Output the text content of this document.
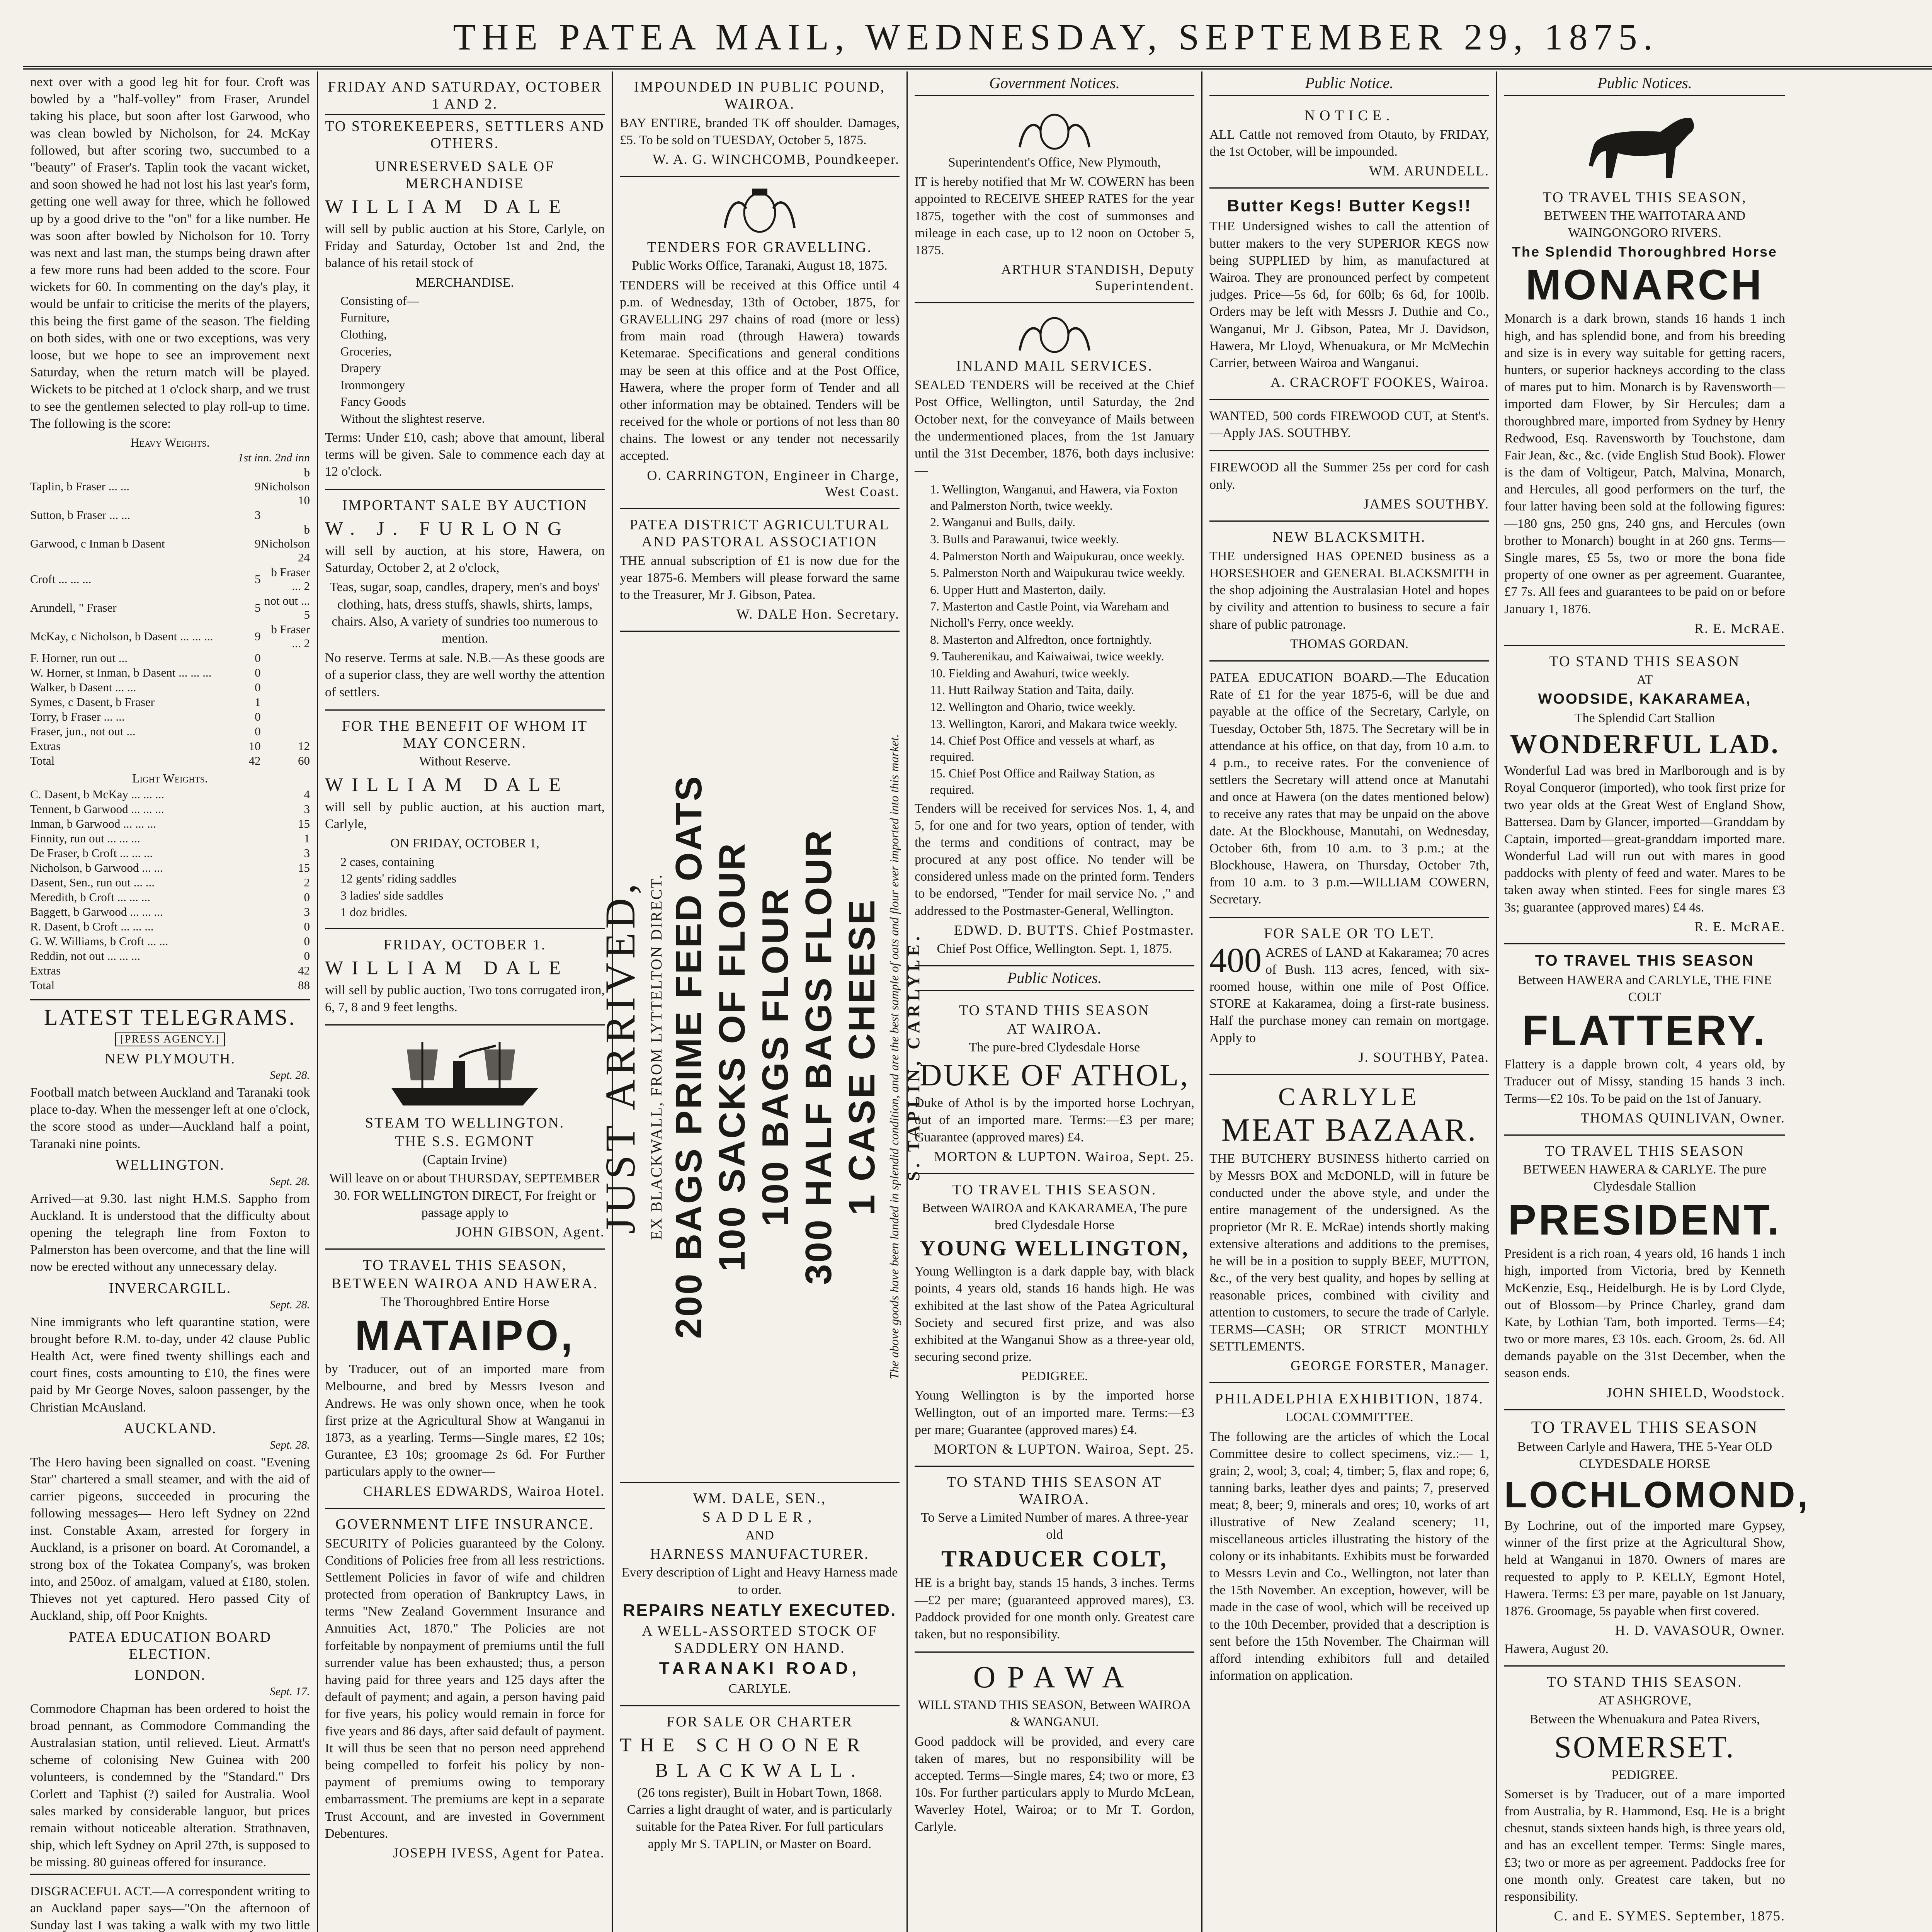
THE PATEA MAIL, WEDNESDAY, SEPTEMBER 29, 1875.

next over with a good leg hit for four. Croft was bowled by a "half-volley" from Fraser, Arundel taking his place, but soon after lost Garwood, who was clean bowled by Nicholson, for 24. McKay followed, but after scoring two, succumbed to a "beauty" of Fraser's. Taplin took the vacant wicket, and soon showed he had not lost his last year's form, getting one well away for three, which he followed up by a good drive to the "on" for a like number. He was soon after bowled by Nicholson for 10. Torry was next and last man, the stumps being drawn after a few more runs had been added to the score. Four wickets for 60. In commenting on the day's play, it would be unfair to criticise the merits of the players, this being the first game of the season. The fielding on both sides, with one or two exceptions, was very loose, but we hope to see an improvement next Saturday, when the return match will be played. Wickets to be pitched at 1 o'clock sharp, and we trust to see the gentlemen selected to play roll-up to time. The following is the score:

Heavy Weights.
1st inn. 2nd inn
Taplin, b Fraser ... ...	9	b Nicholson 10
Sutton, b Fraser ... ...	3	
Garwood, c Inman b Dasent	9	b Nicholson 24
Croft ... ... ...	5	b Fraser ... 2
Arundell, " Fraser	5	not out ... 5
McKay, c Nicholson, b Dasent ... ... ...	9	b Fraser ... 2
F. Horner, run out ...	0	
W. Horner, st Inman, b Dasent ... ... ...	0	
Walker, b Dasent ... ...	0	
Symes, c Dasent, b Fraser	1	
Torry, b Fraser ... ...	0	
Fraser, jun., not out ...	0	
Extras	10	12
Total	42	60
Light Weights.
C. Dasent, b McKay ... ... ...	4
Tennent, b Garwood ... ... ...	3
Inman, b Garwood ... ... ...	15
Finnity, run out ... ... ...	1
De Fraser, b Croft ... ... ...	3
Nicholson, b Garwood ... ...	15
Dasent, Sen., run out ... ...	2
Meredith, b Croft ... ... ...	0
Baggett, b Garwood ... ... ...	3
R. Dasent, b Croft ... ... ...	0
G. W. Williams, b Croft ... ...	0
Reddin, not out ... ... ...	0
Extras	42
Total	88
LATEST TELEGRAMS.
[PRESS AGENCY.]
NEW PLYMOUTH.
Sept. 28.

Football match between Auckland and Taranaki took place to-day. When the messenger left at one o'clock, the score stood as under—Auckland half a point, Taranaki nine points.

WELLINGTON.
Sept. 28.

Arrived—at 9.30. last night H.M.S. Sappho from Auckland. It is understood that the difficulty about opening the telegraph line from Foxton to Palmerston has been overcome, and that the line will now be erected without any unnecessary delay.

INVERCARGILL.
Sept. 28.

Nine immigrants who left quarantine station, were brought before R.M. to-day, under 42 clause Public Health Act, were fined twenty shillings each and court fines, costs amounting to £10, the fines were paid by Mr George Noves, saloon passenger, by the Christian McAusland.

AUCKLAND.
Sept. 28.

The Hero having been signalled on coast. "Evening Star" chartered a small steamer, and with the aid of carrier pigeons, succeeded in procuring the following messages— Hero left Sydney on 22nd inst. Constable Axam, arrested for forgery in Auckland, is a prisoner on board. At Coromandel, a strong box of the Tokatea Company's, was broken into, and 250oz. of amalgam, valued at £180, stolen. Thieves not yet captured. Hero passed City of Auckland, ship, off Poor Knights.

PATEA EDUCATION BOARD ELECTION.
LONDON.
Sept. 17.

Commodore Chapman has been ordered to hoist the broad pennant, as Commodore Commanding the Australasian station, until relieved. Lieut. Armatt's scheme of colonising New Guinea with 200 volunteers, is condemned by the "Standard." Drs Corlett and Taphist (?) sailed for Australia. Wool sales marked by considerable languor, but prices remain without noticeable alteration. Strathnaven, ship, which left Sydney on April 27th, is supposed to be missing. 80 guineas offered for insurance.

DISGRACEFUL ACT.—A correspondent writing to an Auckland paper says—"On the afternoon of Sunday last I was taking a walk with my two little

FRIDAY AND SATURDAY, OCTOBER 1 AND 2.
TO STOREKEEPERS, SETTLERS AND OTHERS.
UNRESERVED SALE OF MERCHANDISE
WILLIAM DALE

will sell by public auction at his Store, Carlyle, on Friday and Saturday, October 1st and 2nd, the balance of his retail stock of

MERCHANDISE.
Consisting of—
Furniture,
Clothing,
Groceries,
Drapery
Ironmongery
Fancy Goods
Without the slightest reserve.

Terms: Under £10, cash; above that amount, liberal terms will be given. Sale to commence each day at 12 o'clock.

IMPORTANT SALE BY AUCTION
W. J. FURLONG

will sell by auction, at his store, Hawera, on Saturday, October 2, at 2 o'clock,

Teas, sugar, soap, candles, drapery, men's and boys' clothing, hats, dress stuffs, shawls, shirts, lamps, chairs. Also, A variety of sundries too numerous to mention.

No reserve. Terms at sale. N.B.—As these goods are of a superior class, they are well worthy the attention of settlers.

FOR THE BENEFIT OF WHOM IT MAY CONCERN.
Without Reserve.
WILLIAM DALE

will sell by public auction, at his auction mart, Carlyle,

ON FRIDAY, OCTOBER 1,
2 cases, containing
12 gents' riding saddles
3 ladies' side saddles
1 doz bridles.
FRIDAY, OCTOBER 1.
WILLIAM DALE

will sell by public auction, Two tons corrugated iron, 6, 7, 8 and 9 feet lengths.

STEAM TO WELLINGTON.
THE S.S. EGMONT
(Captain Irvine)

Will leave on or about THURSDAY, SEPTEMBER 30. FOR WELLINGTON DIRECT, For freight or passage apply to

JOHN GIBSON, Agent.
TO TRAVEL THIS SEASON,
BETWEEN WAIROA AND HAWERA.
The Thoroughbred Entire Horse
MATAIPO,

by Traducer, out of an imported mare from Melbourne, and bred by Messrs Iveson and Andrews. He was only shown once, when he took first prize at the Agricultural Show at Wanganui in 1873, as a yearling. Terms—Single mares, £2 10s; Gurantee, £3 10s; groomage 2s 6d. For Further particulars apply to the owner—

CHARLES EDWARDS, Wairoa Hotel.
GOVERNMENT LIFE INSURANCE.

SECURITY of Policies guaranteed by the Colony. Conditions of Policies free from all less restrictions. Settlement Policies in favor of wife and children protected from operation of Bankruptcy Laws, in terms "New Zealand Government Insurance and Annuities Act, 1870." The Policies are not forfeitable by nonpayment of premiums until the full surrender value has been exhausted; thus, a person having paid for three years and 125 days after the default of payment; and again, a person having paid for five years, his policy would remain in force for five years and 86 days, after said default of payment. It will thus be seen that no person need apprehend being compelled to forfeit his policy by non-payment of premiums owing to temporary embarrassment. The premiums are kept in a separate Trust Account, and are invested in Government Debentures.

JOSEPH IVESS, Agent for Patea.
IMPOUNDED IN PUBLIC POUND, WAIROA.

BAY ENTIRE, branded TK off shoulder. Damages, £5. To be sold on TUESDAY, October 5, 1875.

W. A. G. WINCHCOMB, Poundkeeper.
TENDERS FOR GRAVELLING.
Public Works Office, Taranaki, August 18, 1875.

TENDERS will be received at this Office until 4 p.m. of Wednesday, 13th of October, 1875, for GRAVELLING 297 chains of road (more or less) from main road (through Hawera) towards Ketemarae. Specifications and general conditions may be seen at this office and at the Post Office, Hawera, where the proper form of Tender and all other information may be obtained. Tenders will be received for the whole or portions of not less than 80 chains. The lowest or any tender not necessarily accepted.

O. CARRINGTON, Engineer in Charge, West Coast.
PATEA DISTRICT AGRICULTURAL AND PASTORAL ASSOCIATION

THE annual subscription of £1 is now due for the year 1875-6. Members will please forward the same to the Treasurer, Mr J. Gibson, Patea.

W. DALE Hon. Secretary.

JUST ARRIVED, EX BLACKWALL, FROM LYTTELTON DIRECT. 200 BAGS PRIME FEED OATS 100 SACKS OF FLOUR 100 BAGS FLOUR 300 HALF BAGS FLOUR 1 CASE CHEESE The above goods have been landed in splendid condition, and are the best sample of oats and flour ever imported into this market. S. TAPLIN, CARLYLE.

WM. DALE, SEN.,
SADDLER,
AND
HARNESS MANUFACTURER.

Every description of Light and Heavy Harness made to order.

REPAIRS NEATLY EXECUTED.
A WELL-ASSORTED STOCK OF SADDLERY ON HAND.
TARANAKI ROAD,
CARLYLE.
FOR SALE OR CHARTER
THE SCHOONER
BLACKWALL.

(26 tons register), Built in Hobart Town, 1868. Carries a light draught of water, and is particularly suitable for the Patea River. For full particulars apply Mr S. TAPLIN, or Master on Board.

Government Notices.
Superintendent's Office, New Plymouth,

IT is hereby notified that Mr W. COWERN has been appointed to RECEIVE SHEEP RATES for the year 1875, together with the cost of summonses and mileage in each case, up to 12 noon on October 5, 1875.

ARTHUR STANDISH, Deputy Superintendent.
INLAND MAIL SERVICES.

SEALED TENDERS will be received at the Chief Post Office, Wellington, until Saturday, the 2nd October next, for the conveyance of Mails between the undermentioned places, from the 1st January until the 31st December, 1876, both days inclusive:—

1. Wellington, Wanganui, and Hawera, via Foxton and Palmerston North, twice weekly.
2. Wanganui and Bulls, daily.
3. Bulls and Parawanui, twice weekly.
4. Palmerston North and Waipukurau, once weekly.
5. Palmerston North and Waipukurau twice weekly.
6. Upper Hutt and Masterton, daily.
7. Masterton and Castle Point, via Wareham and Nicholl's Ferry, once weekly.
8. Masterton and Alfredton, once fortnightly.
9. Tauherenikau, and Kaiwaiwai, twice weekly.
10. Fielding and Awahuri, twice weekly.
11. Hutt Railway Station and Taita, daily.
12. Wellington and Ohario, twice weekly.
13. Wellington, Karori, and Makara twice weekly.
14. Chief Post Office and vessels at wharf, as required.
15. Chief Post Office and Railway Station, as required.

Tenders will be received for services Nos. 1, 4, and 5, for one and for two years, option of tender, with the terms and conditions of contract, may be procured at any post office. No tender will be considered unless made on the printed form. Tenders to be endorsed, "Tender for mail service No. ," and addressed to the Postmaster-General, Wellington.

EDWD. D. BUTTS. Chief Postmaster.
Chief Post Office, Wellington. Sept. 1, 1875.
Public Notices.
TO STAND THIS SEASON
AT WAIROA.
The pure-bred Clydesdale Horse
DUKE OF ATHOL,

Duke of Athol is by the imported horse Lochryan, out of an imported mare. Terms:—£3 per mare; Guarantee (approved mares) £4.

MORTON & LUPTON. Wairoa, Sept. 25.
TO TRAVEL THIS SEASON.
Between WAIROA and KAKARAMEA, The pure bred Clydesdale Horse
YOUNG WELLINGTON,

Young Wellington is a dark dapple bay, with black points, 4 years old, stands 16 hands high. He was exhibited at the last show of the Patea Agricultural Society and secured first prize, and was also exhibited at the Wanganui Show as a three-year old, securing second prize.

PEDIGREE.

Young Wellington is by the imported horse Wellington, out of an imported mare. Terms:—£3 per mare; Guarantee (approved mares) £4.

MORTON & LUPTON. Wairoa, Sept. 25.
TO STAND THIS SEASON AT WAIROA.
To Serve a Limited Number of mares. A three-year old
TRADUCER COLT,

HE is a bright bay, stands 15 hands, 3 inches. Terms—£2 per mare; (guaranteed approved mares), £3. Paddock provided for one month only. Greatest care taken, but no responsibility.

OPAWA

WILL STAND THIS SEASON, Between WAIROA & WANGANUI.

Good paddock will be provided, and every care taken of mares, but no responsibility will be accepted. Terms—Single mares, £4; two or more, £3 10s. For further particulars apply to Murdo McLean, Waverley Hotel, Wairoa; or to Mr T. Gordon, Carlyle.

Public Notice.
NOTICE.

ALL Cattle not removed from Otauto, by FRIDAY, the 1st October, will be impounded.

WM. ARUNDELL.
Butter Kegs! Butter Kegs!!

THE Undersigned wishes to call the attention of butter makers to the very SUPERIOR KEGS now being SUPPLIED by him, as manufactured at Wairoa. They are pronounced perfect by competent judges. Price—5s 6d, for 60lb; 6s 6d, for 100lb. Orders may be left with Messrs J. Duthie and Co., Wanganui, Mr J. Gibson, Patea, Mr J. Davidson, Hawera, Mr Lloyd, Whenuakura, or Mr McMechin Carrier, between Wairoa and Wanganui.

A. CRACROFT FOOKES, Wairoa.

WANTED, 500 cords FIREWOOD CUT, at Stent's.—Apply JAS. SOUTHBY.

FIREWOOD all the Summer 25s per cord for cash only.

JAMES SOUTHBY.
NEW BLACKSMITH.

THE undersigned HAS OPENED business as a HORSESHOER and GENERAL BLACKSMITH in the shop adjoining the Australasian Hotel and hopes by civility and attention to business to secure a fair share of public patronage.

THOMAS GORDAN.

PATEA EDUCATION BOARD.—The Education Rate of £1 for the year 1875-6, will be due and payable at the office of the Secretary, Carlyle, on Tuesday, October 5th, 1875. The Secretary will be in attendance at his office, on that day, from 10 a.m. to 4 p.m., to receive rates. For the convenience of settlers the Secretary will attend once at Manutahi and once at Hawera (on the dates mentioned below) to receive any rates that may be unpaid on the above date. At the Blockhouse, Manutahi, on Wednesday, October 6th, from 10 a.m. to 3 p.m.; at the Blockhouse, Hawera, on Thursday, October 7th, from 10 a.m. to 3 p.m.—WILLIAM COWERN, Secretary.

FOR SALE OR TO LET.
400 ACRES of LAND at Kakaramea; 70 acres of Bush. 113 acres, fenced, with six-roomed house, within one mile of Post Office. STORE at Kakaramea, doing a first-rate business. Half the purchase money can remain on mortgage. Apply to
J. SOUTHBY, Patea.
CARLYLE
MEAT BAZAAR.

THE BUTCHERY BUSINESS hitherto carried on by Messrs BOX and McDONLD, will in future be conducted under the above style, and under the entire management of the undersigned. As the proprietor (Mr R. E. McRae) intends shortly making extensive alterations and additions to the premises, he will be in a position to supply BEEF, MUTTON, &c., of the very best quality, and hopes by selling at reasonable prices, combined with civility and attention to customers, to secure the trade of Carlyle. TERMS—CASH; OR STRICT MONTHLY SETTLEMENTS.

GEORGE FORSTER, Manager.
PHILADELPHIA EXHIBITION, 1874.
LOCAL COMMITTEE.

The following are the articles of which the Local Committee desire to collect specimens, viz.:— 1, grain; 2, wool; 3, coal; 4, timber; 5, flax and rope; 6, tanning barks, leather dyes and paints; 7, preserved meat; 8, beer; 9, minerals and ores; 10, works of art illustrative of New Zealand scenery; 11, miscellaneous articles illustrating the history of the colony or its inhabitants. Exhibits must be forwarded to Messrs Levin and Co., Wellington, not later than the 15th November. An exception, however, will be made in the case of wool, which will be received up to the 10th December, provided that a description is sent before the 15th November. The Chairman will afford intending exhibitors full and detailed information on application.

Public Notices.
TO TRAVEL THIS SEASON,
BETWEEN THE WAITOTARA AND WAINGONGORO RIVERS.
The Splendid Thoroughbred Horse
MONARCH

Monarch is a dark brown, stands 16 hands 1 inch high, and has splendid bone, and from his breeding and size is in every way suitable for getting racers, hunters, or superior hackneys according to the class of mares put to him. Monarch is by Ravensworth—imported dam Flower, by Sir Hercules; dam a thoroughbred mare, imported from Sydney by Henry Redwood, Esq. Ravensworth by Touchstone, dam Fair Jean, &c., &c. (vide English Stud Book). Flower is the dam of Voltigeur, Patch, Malvina, Monarch, and Hercules, all good performers on the turf, the four latter having been sold at the following figures:—180 gns, 250 gns, 240 gns, and Hercules (own brother to Monarch) bought in at 260 gns. Terms—Single mares, £5 5s, two or more the bona fide property of one owner as per agreement. Guarantee, £7 7s. All fees and guarantees to be paid on or before January 1, 1876.

R. E. McRAE.
TO STAND THIS SEASON
AT
WOODSIDE, KAKARAMEA,
The Splendid Cart Stallion
WONDERFUL LAD.

Wonderful Lad was bred in Marlborough and is by Royal Conqueror (imported), who took first prize for two year olds at the Great West of England Show, Battersea. Dam by Glancer, imported—Granddam by Captain, imported—great-granddam imported mare. Wonderful Lad will run out with mares in good paddocks with plenty of feed and water. Mares to be taken away when stinted. Fees for single mares £3 3s; guarantee (approved mares) £4 4s.

R. E. McRAE.
TO TRAVEL THIS SEASON
Between HAWERA and CARLYLE, THE FINE COLT
FLATTERY.

Flattery is a dapple brown colt, 4 years old, by Traducer out of Missy, standing 15 hands 3 inch. Terms—£2 10s. To be paid on the 1st of January.

THOMAS QUINLIVAN, Owner.
TO TRAVEL THIS SEASON
BETWEEN HAWERA & CARLYE. The pure Clydesdale Stallion
PRESIDENT.

President is a rich roan, 4 years old, 16 hands 1 inch high, imported from Victoria, bred by Kenneth McKenzie, Esq., Heidelburgh. He is by Lord Clyde, out of Blossom—by Prince Charley, grand dam Kate, by Lothian Tam, both imported. Terms—£4; two or more mares, £3 10s. each. Groom, 2s. 6d. All demands payable on the 31st December, when the season ends.

JOHN SHIELD, Woodstock.
TO TRAVEL THIS SEASON
Between Carlyle and Hawera, THE 5-Year OLD CLYDESDALE HORSE
LOCHLOMOND,

By Lochrine, out of the imported mare Gypsey, winner of the first prize at the Agricultural Show, held at Wanganui in 1870. Owners of mares are requested to apply to P. KELLY, Egmont Hotel, Hawera. Terms: £3 per mare, payable on 1st January, 1876. Groomage, 5s payable when first covered.

H. D. VAVASOUR, Owner.
Hawera, August 20.
TO STAND THIS SEASON.
AT ASHGROVE,
Between the Whenuakura and Patea Rivers,
SOMERSET.
PEDIGREE.

Somerset is by Traducer, out of a mare imported from Australia, by R. Hammond, Esq. He is a bright chesnut, stands sixteen hands high, is three years old, and has an excellent temper. Terms: Single mares, £3; two or more as per agreement. Paddocks free for one month only. Greatest care taken, but no responsibility.

C. and E. SYMES. September, 1875.
